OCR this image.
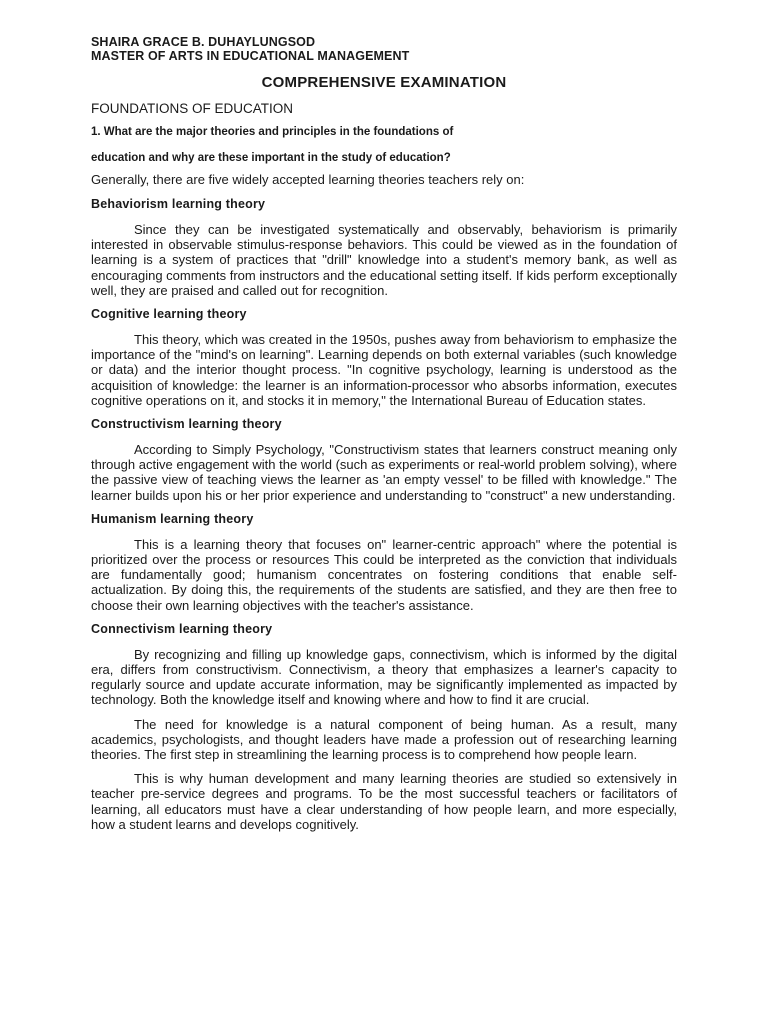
SHAIRA GRACE B. DUHAYLUNGSOD
MASTER OF ARTS IN EDUCATIONAL MANAGEMENT
COMPREHENSIVE EXAMINATION
FOUNDATIONS OF EDUCATION
1. What are the major theories and principles in the foundations of
education and why are these important in the study of education?
Generally, there are five widely accepted learning theories teachers rely on:
Behaviorism learning theory
Since they can be investigated systematically and observably, behaviorism is primarily interested in observable stimulus-response behaviors. This could be viewed as in the foundation of learning is a system of practices that "drill" knowledge into a student's memory bank, as well as encouraging comments from instructors and the educational setting itself. If kids perform exceptionally well, they are praised and called out for recognition.
Cognitive learning theory
This theory, which was created in the 1950s, pushes away from behaviorism to emphasize the importance of the "mind's on learning". Learning depends on both external variables (such knowledge or data) and the interior thought process. "In cognitive psychology, learning is understood as the acquisition of knowledge: the learner is an information-processor who absorbs information, executes cognitive operations on it, and stocks it in memory," the International Bureau of Education states.
Constructivism learning theory
According to Simply Psychology, "Constructivism states that learners construct meaning only through active engagement with the world (such as experiments or real-world problem solving), where the passive view of teaching views the learner as 'an empty vessel' to be filled with knowledge." The learner builds upon his or her prior experience and understanding to "construct" a new understanding.
Humanism learning theory
This is a learning theory that focuses on" learner-centric approach" where the potential is prioritized over the process or resources This could be interpreted as the conviction that individuals are fundamentally good; humanism concentrates on fostering conditions that enable self-actualization. By doing this, the requirements of the students are satisfied, and they are then free to choose their own learning objectives with the teacher's assistance.
Connectivism learning theory
By recognizing and filling up knowledge gaps, connectivism, which is informed by the digital era, differs from constructivism. Connectivism, a theory that emphasizes a learner's capacity to regularly source and update accurate information, may be significantly implemented as impacted by technology. Both the knowledge itself and knowing where and how to find it are crucial.
The need for knowledge is a natural component of being human. As a result, many academics, psychologists, and thought leaders have made a profession out of researching learning theories. The first step in streamlining the learning process is to comprehend how people learn.
This is why human development and many learning theories are studied so extensively in teacher pre-service degrees and programs. To be the most successful teachers or facilitators of learning, all educators must have a clear understanding of how people learn, and more especially, how a student learns and develops cognitively.
